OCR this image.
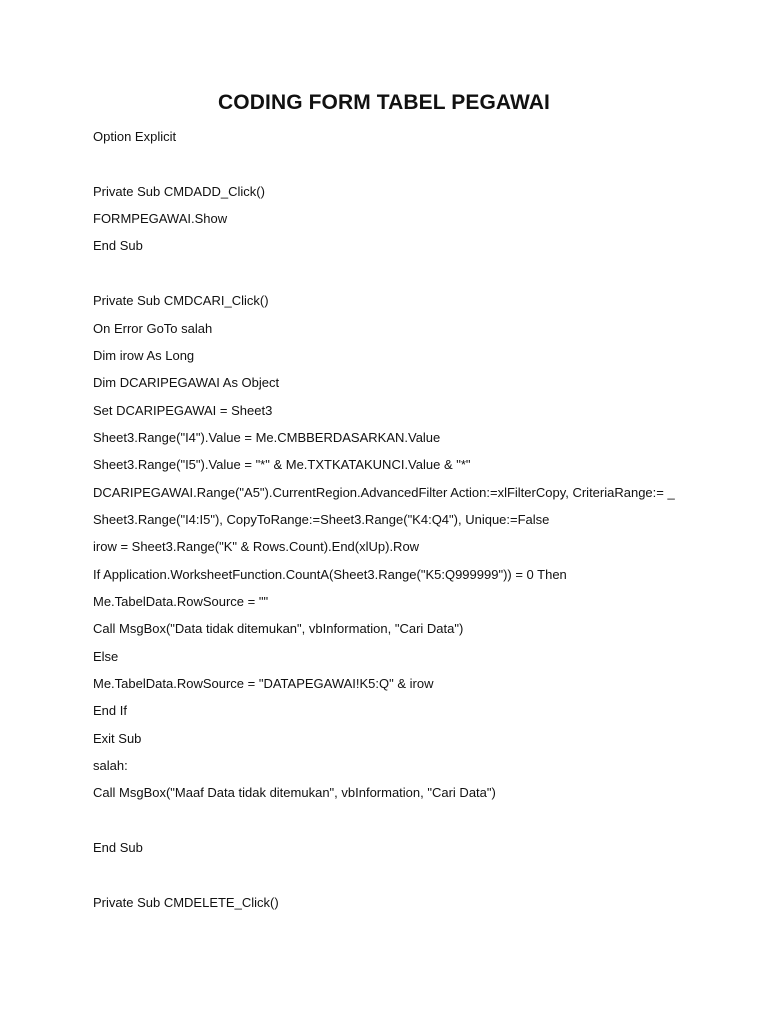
CODING FORM TABEL PEGAWAI
Option Explicit
Private Sub CMDADD_Click()
FORMPEGAWAI.Show
End Sub
Private Sub CMDCARI_Click()
On Error GoTo salah
Dim irow As Long
Dim DCARIPEGAWAI As Object
Set DCARIPEGAWAI = Sheet3
Sheet3.Range("I4").Value = Me.CMBBERDASARKAN.Value
Sheet3.Range("I5").Value = "*" & Me.TXTKATAKUNCI.Value & "*"
DCARIPEGAWAI.Range("A5").CurrentRegion.AdvancedFilter Action:=xlFilterCopy, CriteriaRange:= _
Sheet3.Range("I4:I5"), CopyToRange:=Sheet3.Range("K4:Q4"), Unique:=False
irow = Sheet3.Range("K" & Rows.Count).End(xlUp).Row
If Application.WorksheetFunction.CountA(Sheet3.Range("K5:Q999999")) = 0 Then
Me.TabelData.RowSource = ""
Call MsgBox("Data tidak ditemukan", vbInformation, "Cari Data")
Else
Me.TabelData.RowSource = "DATAPEGAWAI!K5:Q" & irow
End If
Exit Sub
salah:
Call MsgBox("Maaf Data tidak ditemukan", vbInformation, "Cari Data")
End Sub
Private Sub CMDELETE_Click()
